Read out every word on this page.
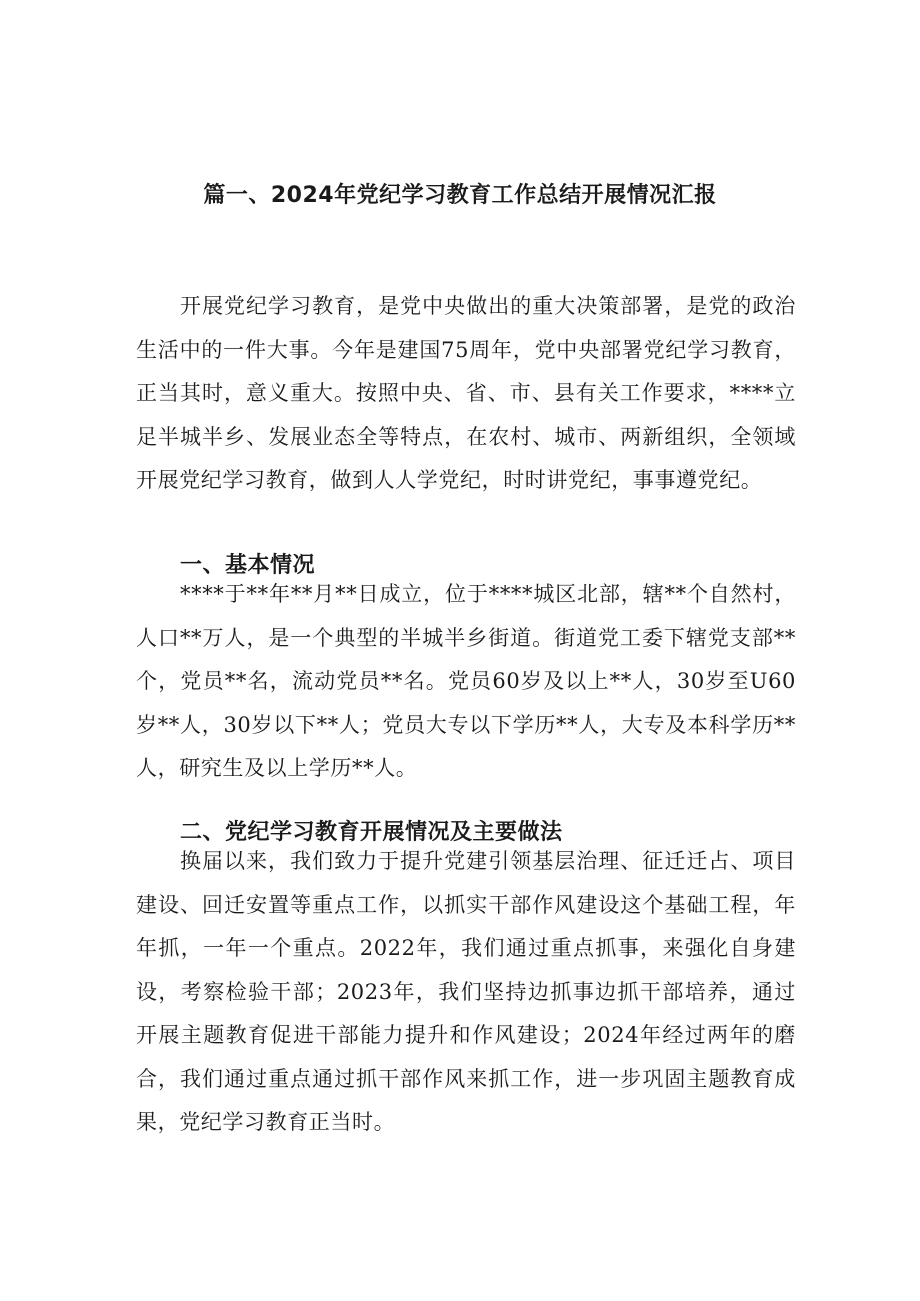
篇一、2024年党纪学习教育工作总结开展情况汇报

开展党纪学习教育，是党中央做出的重大决策部署，是党的政治生活中的一件大事。今年是建国75周年，党中央部署党纪学习教育，正当其时，意义重大。按照中央、省、市、县有关工作要求，****立足半城半乡、发展业态全等特点，在农村、城市、两新组织，全领域开展党纪学习教育，做到人人学党纪，时时讲党纪，事事遵党纪。

一、基本情况

****于**年**月**日成立，位于****城区北部，辖**个自然村，人口**万人，是一个典型的半城半乡街道。街道党工委下辖党支部**个，党员**名，流动党员**名。党员60岁及以上**人，30岁至U60岁**人，30岁以下**人；党员大专以下学历**人，大专及本科学历**人，研究生及以上学历**人。

二、党纪学习教育开展情况及主要做法

换届以来，我们致力于提升党建引领基层治理、征迁迁占、项目建设、回迁安置等重点工作，以抓实干部作风建设这个基础工程，年年抓，一年一个重点。2022年，我们通过重点抓事，来强化自身建设，考察检验干部；2023年，我们坚持边抓事边抓干部培养，通过开展主题教育促进干部能力提升和作风建设；2024年经过两年的磨合，我们通过重点通过抓干部作风来抓工作，进一步巩固主题教育成果，党纪学习教育正当时。
